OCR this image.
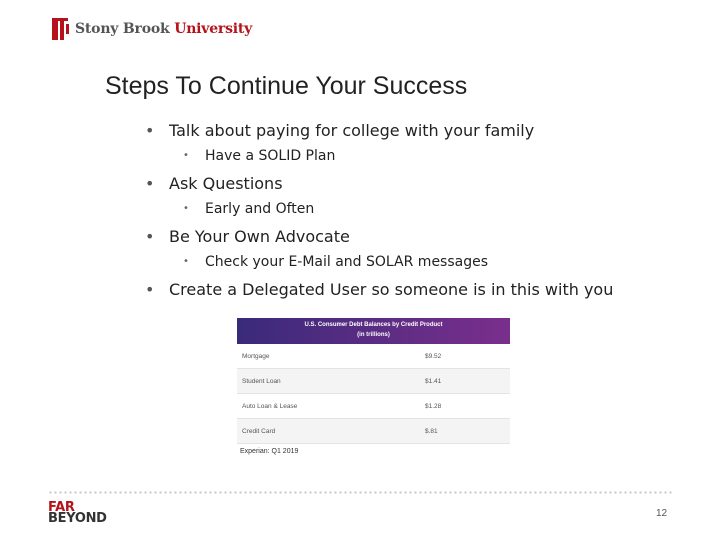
Stony Brook University
Steps To Continue Your Success
• Talk about paying for college with your family
• Have a SOLID Plan
• Ask Questions
• Early and Often
• Be Your Own Advocate
• Check your E-Mail and SOLAR messages
• Create a Delegated User so someone is in this with you
U.S. Consumer Debt Balances by Credit Product
(in trillions)
Mortgage	$9.52
Student Loan	$1.41
Auto Loan & Lease	$1.28
Credit Card	$.81
Experian: Q1 2019
FAR
BEYOND	12
